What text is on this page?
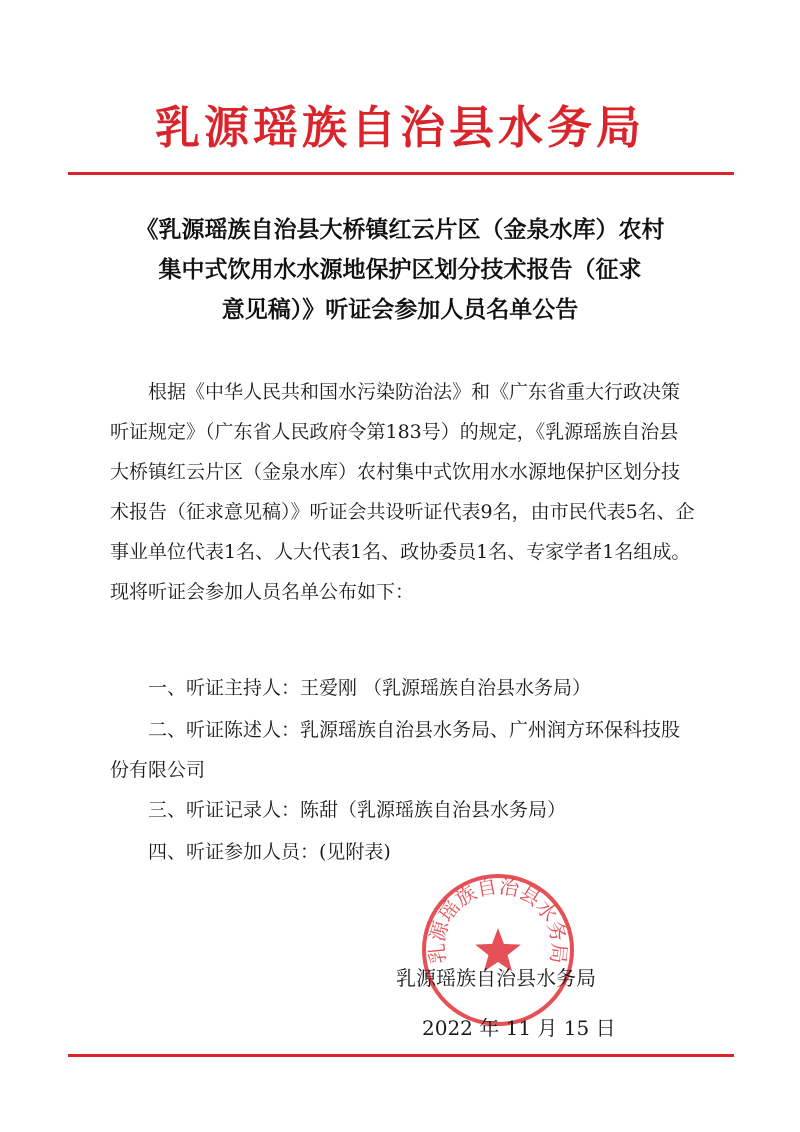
乳源瑶族自治县水务局
《乳源瑶族自治县大桥镇红云片区（金泉水库）农村
集中式饮用水水源地保护区划分技术报告（征求
意见稿）》听证会参加人员名单公告
根据《中华人民共和国水污染防治法》和《广东省重大行政决策听证规定》（广东省人民政府令第183号）的规定，《乳源瑶族自治县大桥镇红云片区（金泉水库）农村集中式饮用水水源地保护区划分技术报告（征求意见稿）》听证会共设听证代表9名，由市民代表5名、企事业单位代表1名、人大代表1名、政协委员1名、专家学者1名组成。现将听证会参加人员名单公布如下：
一、听证主持人：王爱刚 （乳源瑶族自治县水务局）
二、听证陈述人：乳源瑶族自治县水务局、广州润方环保科技股份有限公司
三、听证记录人：陈甜（乳源瑶族自治县水务局）
四、听证参加人员：(见附表)
乳源瑶族自治县水务局
乳源瑶族自治县水务局
2022 年 11 月 15 日
